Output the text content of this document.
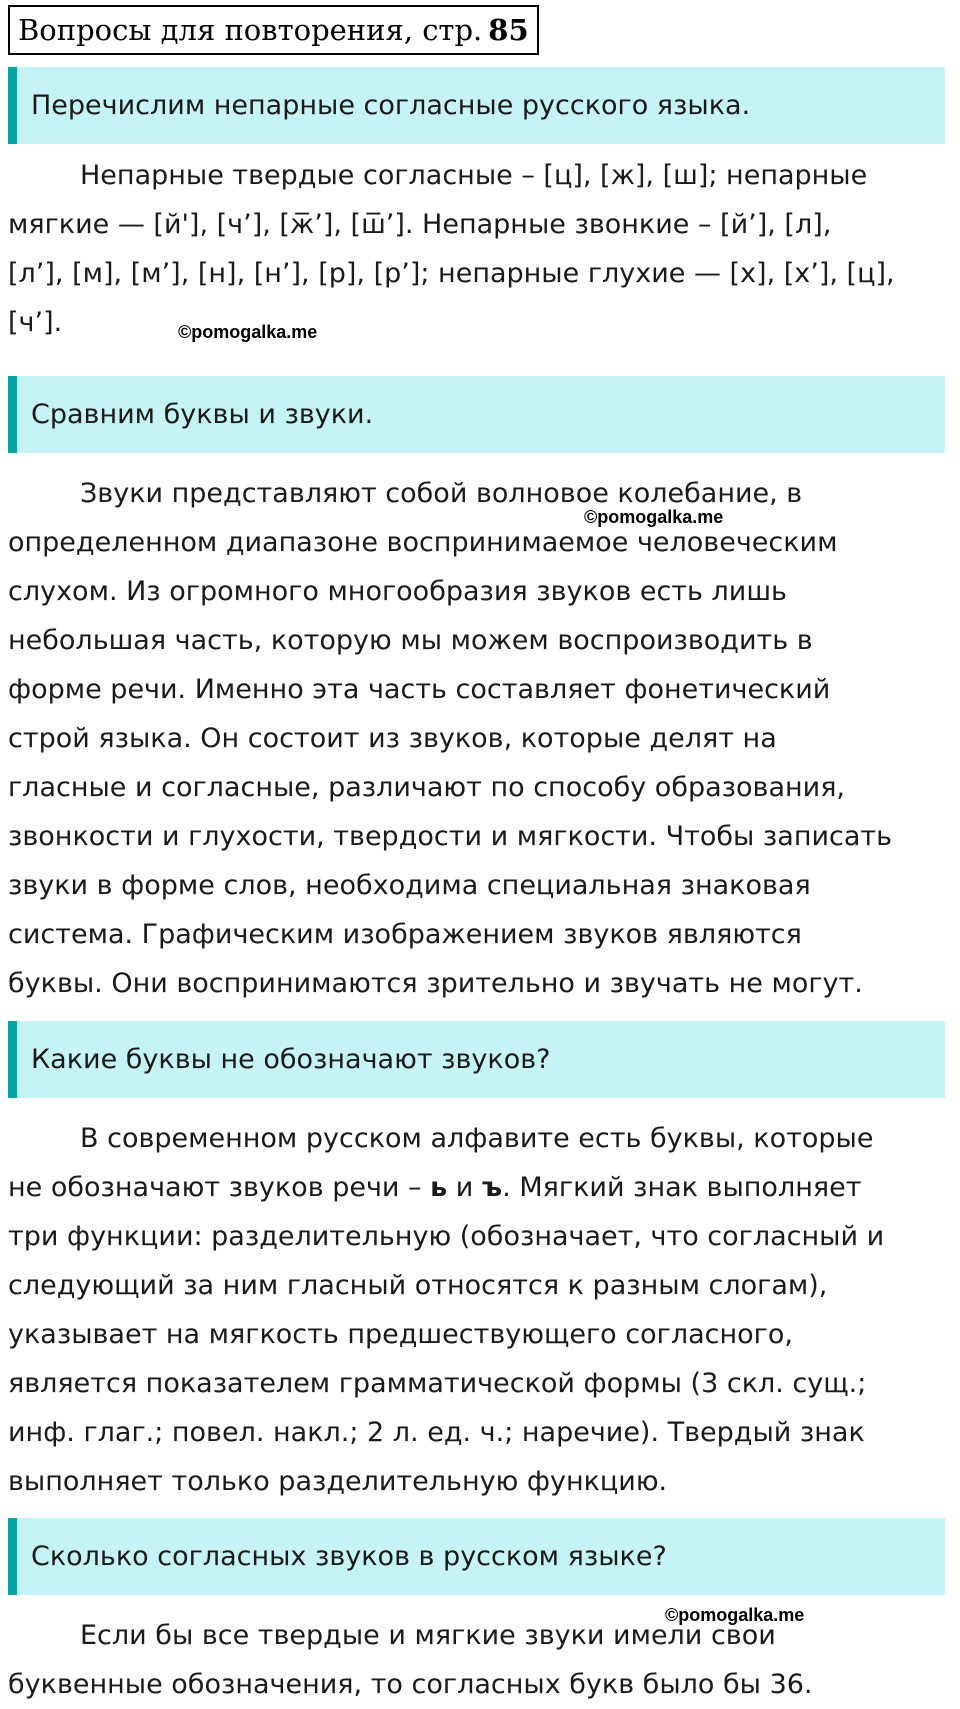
Вопросы для повторения, стр. 85
Перечислим непарные согласные русского языка.
Непарные твердые согласные – [ц], [ж], [ш]; непарные
мягкие — [й'], [ч’], [ж̅’], [ш̅’]. Непарные звонкие – [й’], [л],
[л’], [м], [м’], [н], [н’], [р], [р’]; непарные глухие — [х], [х’], [ц],
[ч’].	©pomogalka.me
Сравним буквы и звуки.
Звуки представляют собой волновое колебание, в
определенном диапазоне воспринимаемое человеческим
слухом. Из огромного многообразия звуков есть лишь
небольшая часть, которую мы можем воспроизводить в
форме речи. Именно эта часть составляет фонетический
строй языка. Он состоит из звуков, которые делят на
гласные и согласные, различают по способу образования,
звонкости и глухости, твердости и мягкости. Чтобы записать
звуки в форме слов, необходима специальная знаковая
система. Графическим изображением звуков являются
буквы. Они воспринимаются зрительно и звучать не могут.
©pomogalka.me
Какие буквы не обозначают звуков?
В современном русском алфавите есть буквы, которые
не обозначают звуков речи – ь и ъ. Мягкий знак выполняет
три функции: разделительную (обозначает, что согласный и
следующий за ним гласный относятся к разным слогам),
указывает на мягкость предшествующего согласного,
является показателем грамматической формы (3 скл. сущ.;
инф. глаг.; повел. накл.; 2 л. ед. ч.; наречие). Твердый знак
выполняет только разделительную функцию.
Сколько согласных звуков в русском языке?
©pomogalka.me
Если бы все твердые и мягкие звуки имели свои
буквенные обозначения, то согласных букв было бы 36.
